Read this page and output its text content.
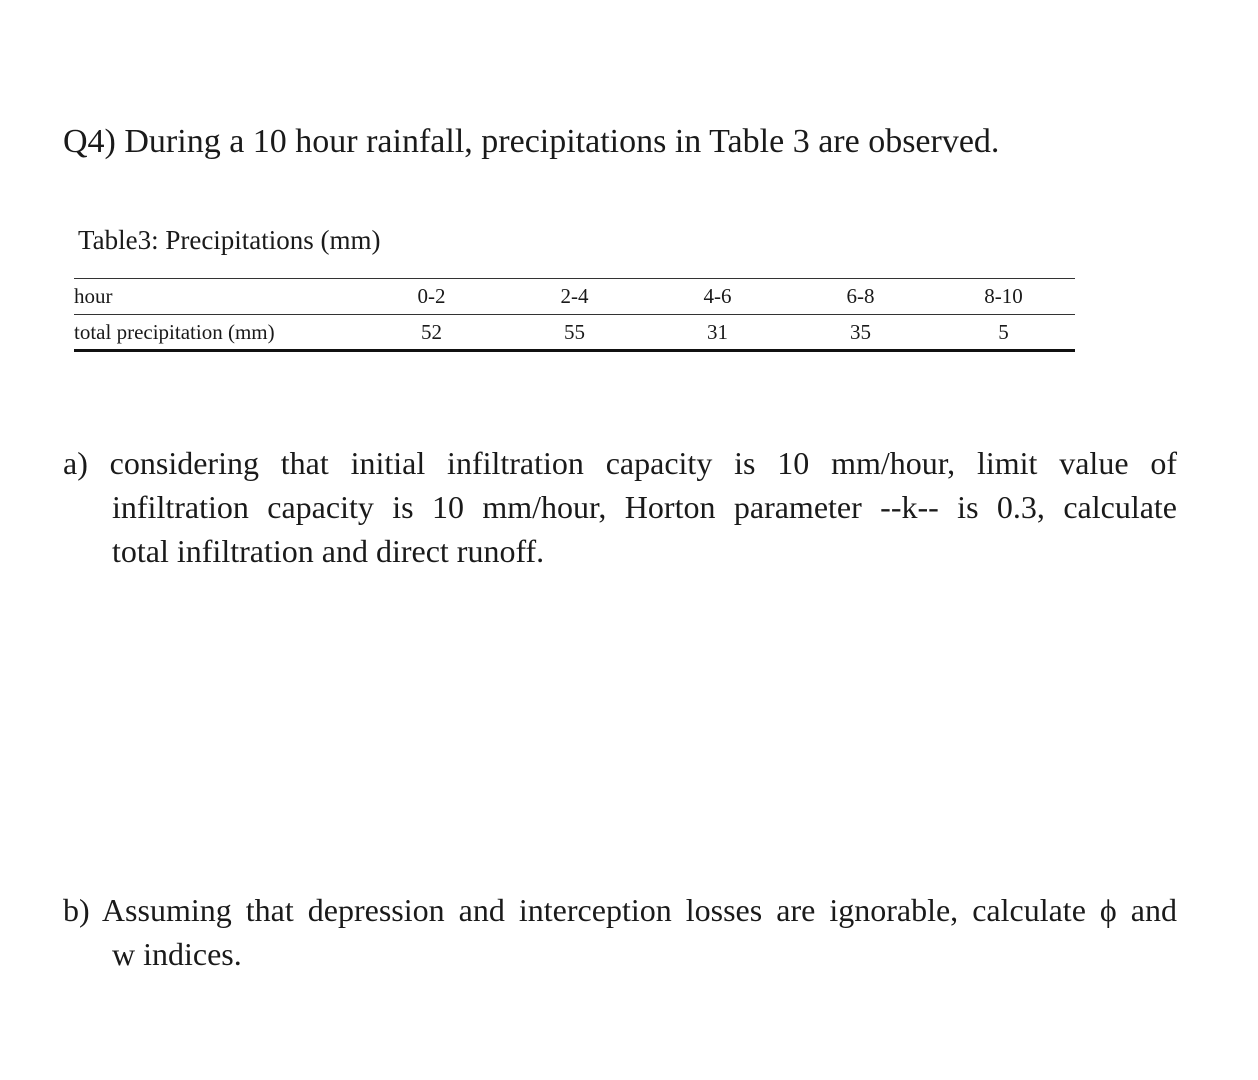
Q4) During a 10 hour rainfall, precipitations in Table 3 are observed.
Table3: Precipitations (mm)
hour	0-2	2-4	4-6	6-8	8-10
total precipitation (mm)	52	55	31	35	5
a) considering that initial infiltration capacity is 10 mm/hour, limit value of
infiltration capacity is 10 mm/hour, Horton parameter --k-- is 0.3, calculate
total infiltration and direct runoff.
b) Assuming that depression and interception losses are ignorable, calculate ϕ and
w indices.
